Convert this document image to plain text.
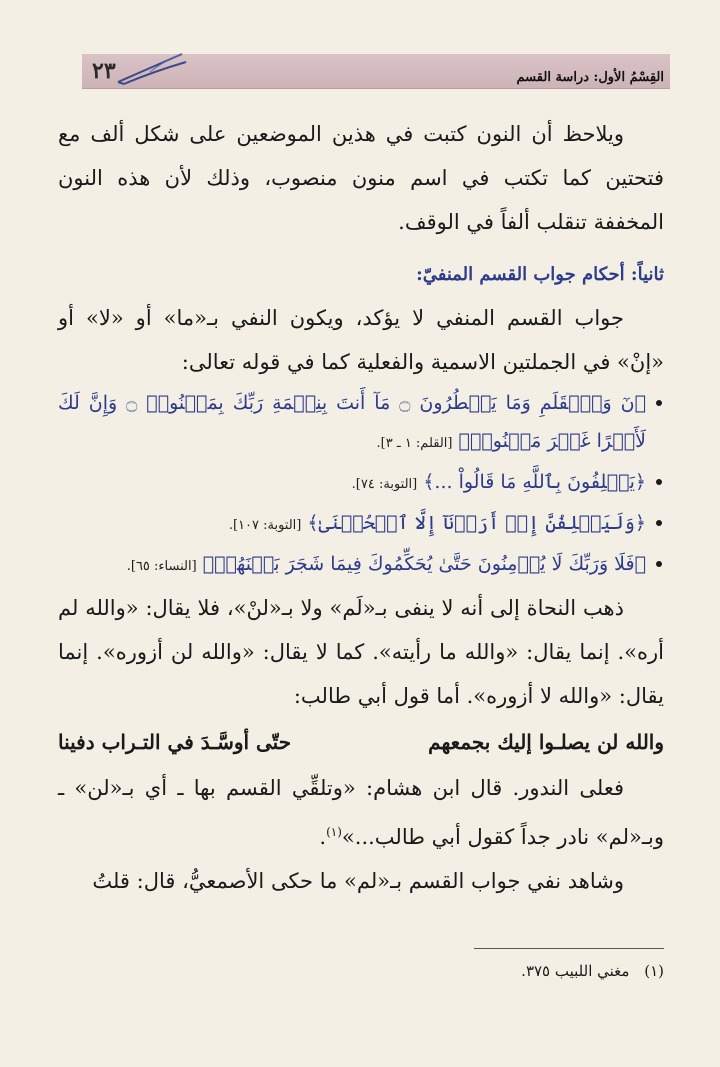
٢٣	القِسْمُ الأول: دراسة القسم

ويلاحظ أن النون كتبت في هذين الموضعين على شكل ألف مع فتحتين كما تكتب في اسم منون منصوب، وذلك لأن هذه النون المخففة تنقلب ألفاً في الوقف.

ثانياً: أحكام جواب القسم المنفيّ:

جواب القسم المنفي لا يؤكد، ويكون النفي بـ«ما» أو «لا» أو «إنْ» في الجملتين الاسمية والفعلية كما في قوله تعالى:

﴿نٓ وَٱلۡقَلَمِ وَمَا يَسۡطُرُونَ ۝ مَآ أَنتَ بِنِعۡمَةِ رَبِّكَ بِمَجۡنُونٖ ۝ وَإِنَّ لَكَ لَأَجۡرًا غَيۡرَ مَمۡنُونٖ﴾ [القلم: ١ ـ ٣].
﴿يَحۡلِفُونَ بِٱللَّهِ مَا قَالُواْ ...﴾ [التوبة: ٧٤].
﴿وَلَيَحۡلِفُنَّ إِنۡ أَرَدۡنَآ إِلَّا ٱلۡحُسۡنَىٰ﴾ [التوبة: ١٠٧].
﴿فَلَا وَرَبِّكَ لَا يُؤۡمِنُونَ حَتَّىٰ يُحَكِّمُوكَ فِيمَا شَجَرَ بَيۡنَهُمۡ﴾ [النساء: ٦٥].

ذهب النحاة إلى أنه لا ينفى بـ«لَم» ولا بـ«لنْ»، فلا يقال: «والله لم أره». إنما يقال: «والله ما رأيته». كما لا يقال: «والله لن أزوره». إنما يقال: «والله لا أزوره». أما قول أبي طالب:

والله لن يصلـوا إليك بجمعهم
حتّى أوسَّـدَ في التـراب دفينا

فعلى الندور. قال ابن هشام: «وتلقِّي القسم بها ـ أي بـ«لن» ـ وبـ«لم» نادر جداً كقول أبي طالب...»$^{(١)}$.

وشاهد نفي جواب القسم بـ«لم» ما حكى الأصمعيُّ، قال: قلتُ

(١) مغني اللبيب ٣٧٥.
